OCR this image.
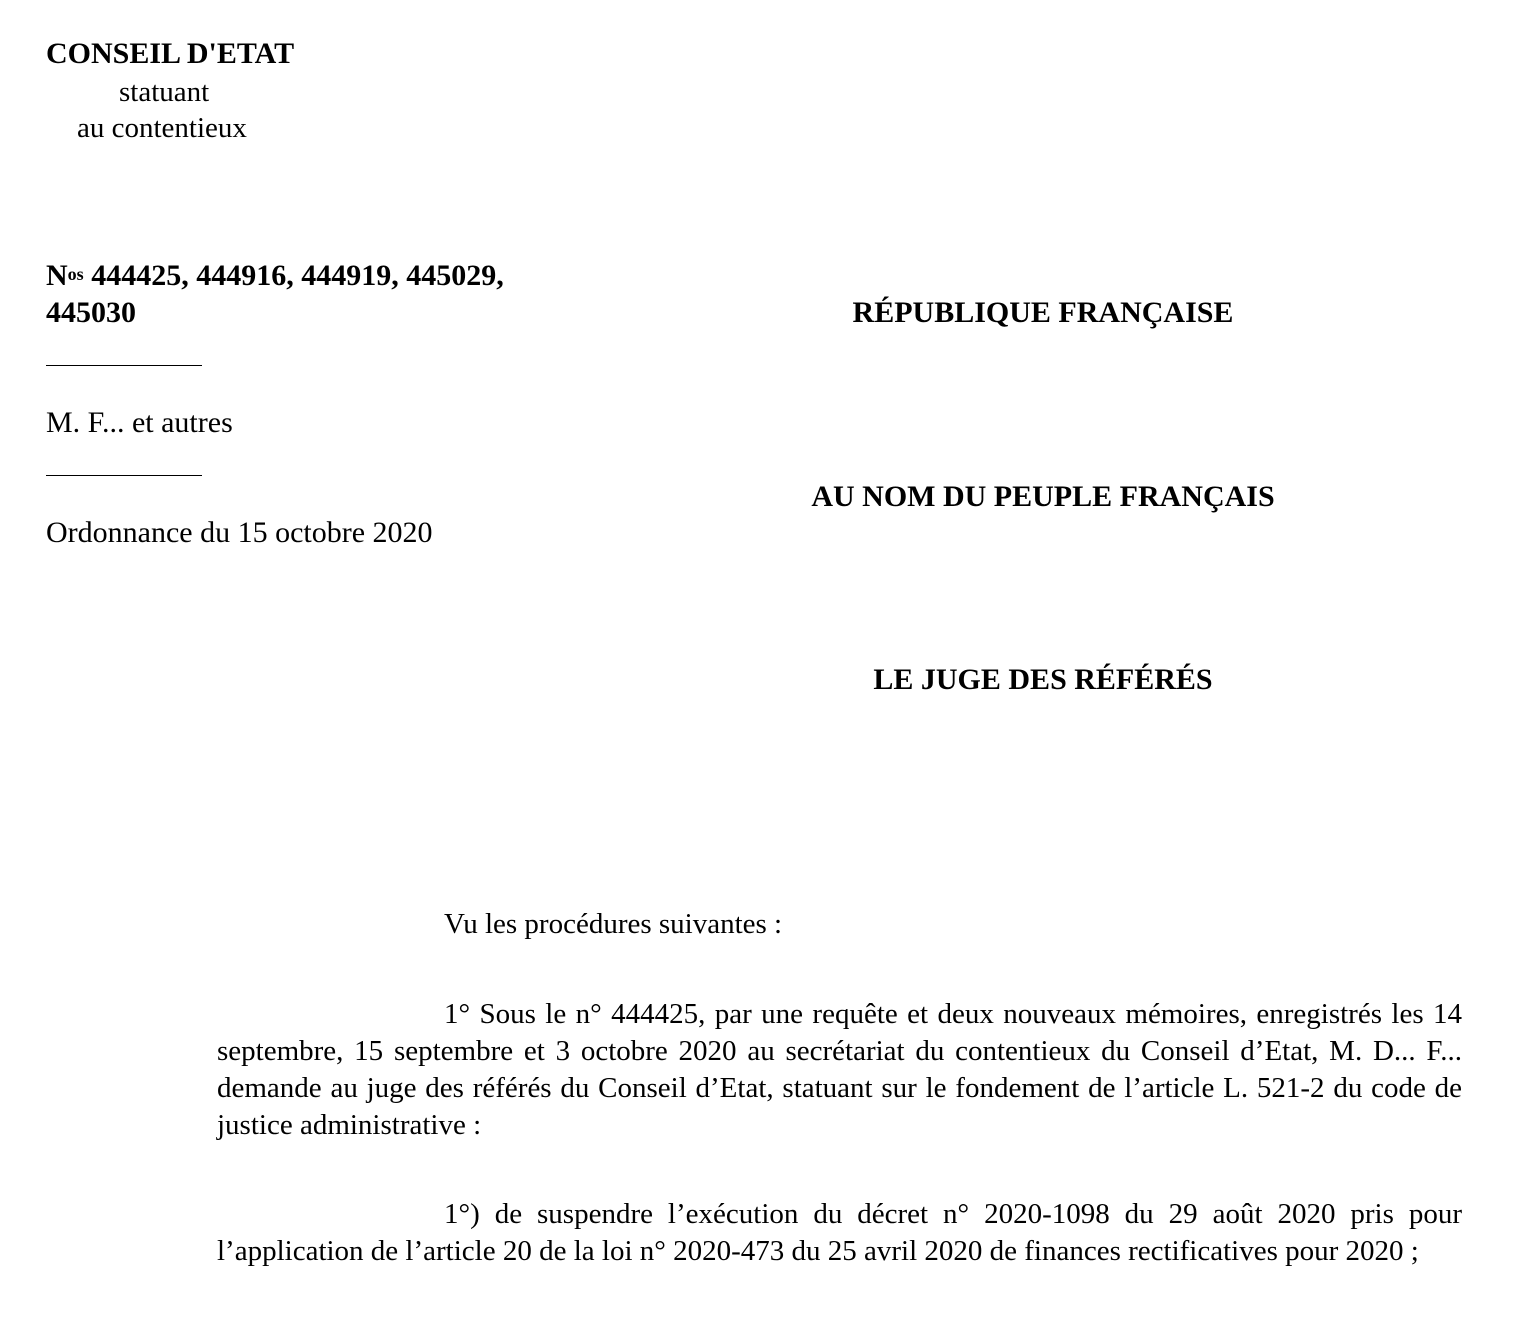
CONSEIL D'ETAT
statuant
au contentieux
$N^{os}$ 444425, 444916, 444919, 445029,
445030
M. F... et autres
Ordonnance du 15 octobre 2020
RÉPUBLIQUE FRANÇAISE
AU NOM DU PEUPLE FRANÇAIS
LE JUGE DES RÉFÉRÉS
Vu les procédures suivantes :

1° Sous le n° 444425, par une requête et deux nouveaux mémoires, enregistrés les 14 septembre, 15 septembre et 3 octobre 2020 au secrétariat du contentieux du Conseil d’Etat, M. D... F... demande au juge des référés du Conseil d’Etat, statuant sur le fondement de l’article L. 521-2 du code de justice administrative :

1°) de suspendre l’exécution du décret n° 2020-1098 du 29 août 2020 pris pour l’application de l’article 20 de la loi n° 2020-473 du 25 avril 2020 de finances rectificatives pour 2020 ;
